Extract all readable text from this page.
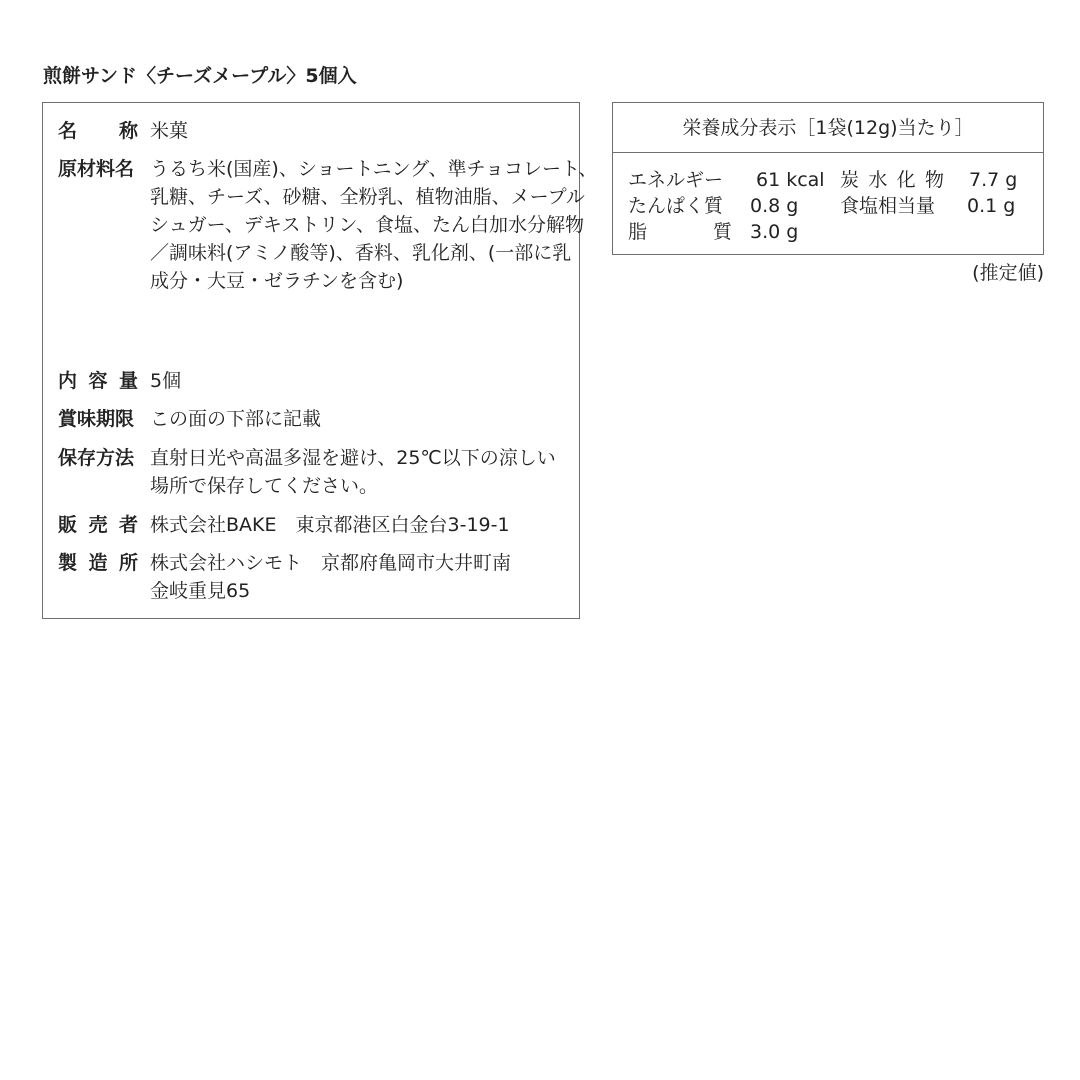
煎餅サンド〈チーズメープル〉5個入
名 称 米菓
原材料名 うるち米(国産)、ショートニング、準チョコレート、
乳糖、チーズ、砂糖、全粉乳、植物油脂、メープル
シュガー、デキストリン、食塩、たん白加水分解物
／調味料(アミノ酸等)、香料、乳化剤、(一部に乳
成分・大豆・ゼラチンを含む)
内 容 量 5個
賞味期限 この面の下部に記載
保存方法 直射日光や高温多湿を避け、25℃以下の涼しい
場所で保存してください。
販 売 者 株式会社BAKE　東京都港区白金台3-19-1
製 造 所 株式会社ハシモト　京都府亀岡市大井町南
金岐重見65
栄養成分表示［1袋(12g)当たり］
エネルギー 61 kcal 炭 水 化 物 7.7 g
たんぱく質 0.8 g 食塩相当量 0.1 g
脂	質 3.0 g
(推定値)
